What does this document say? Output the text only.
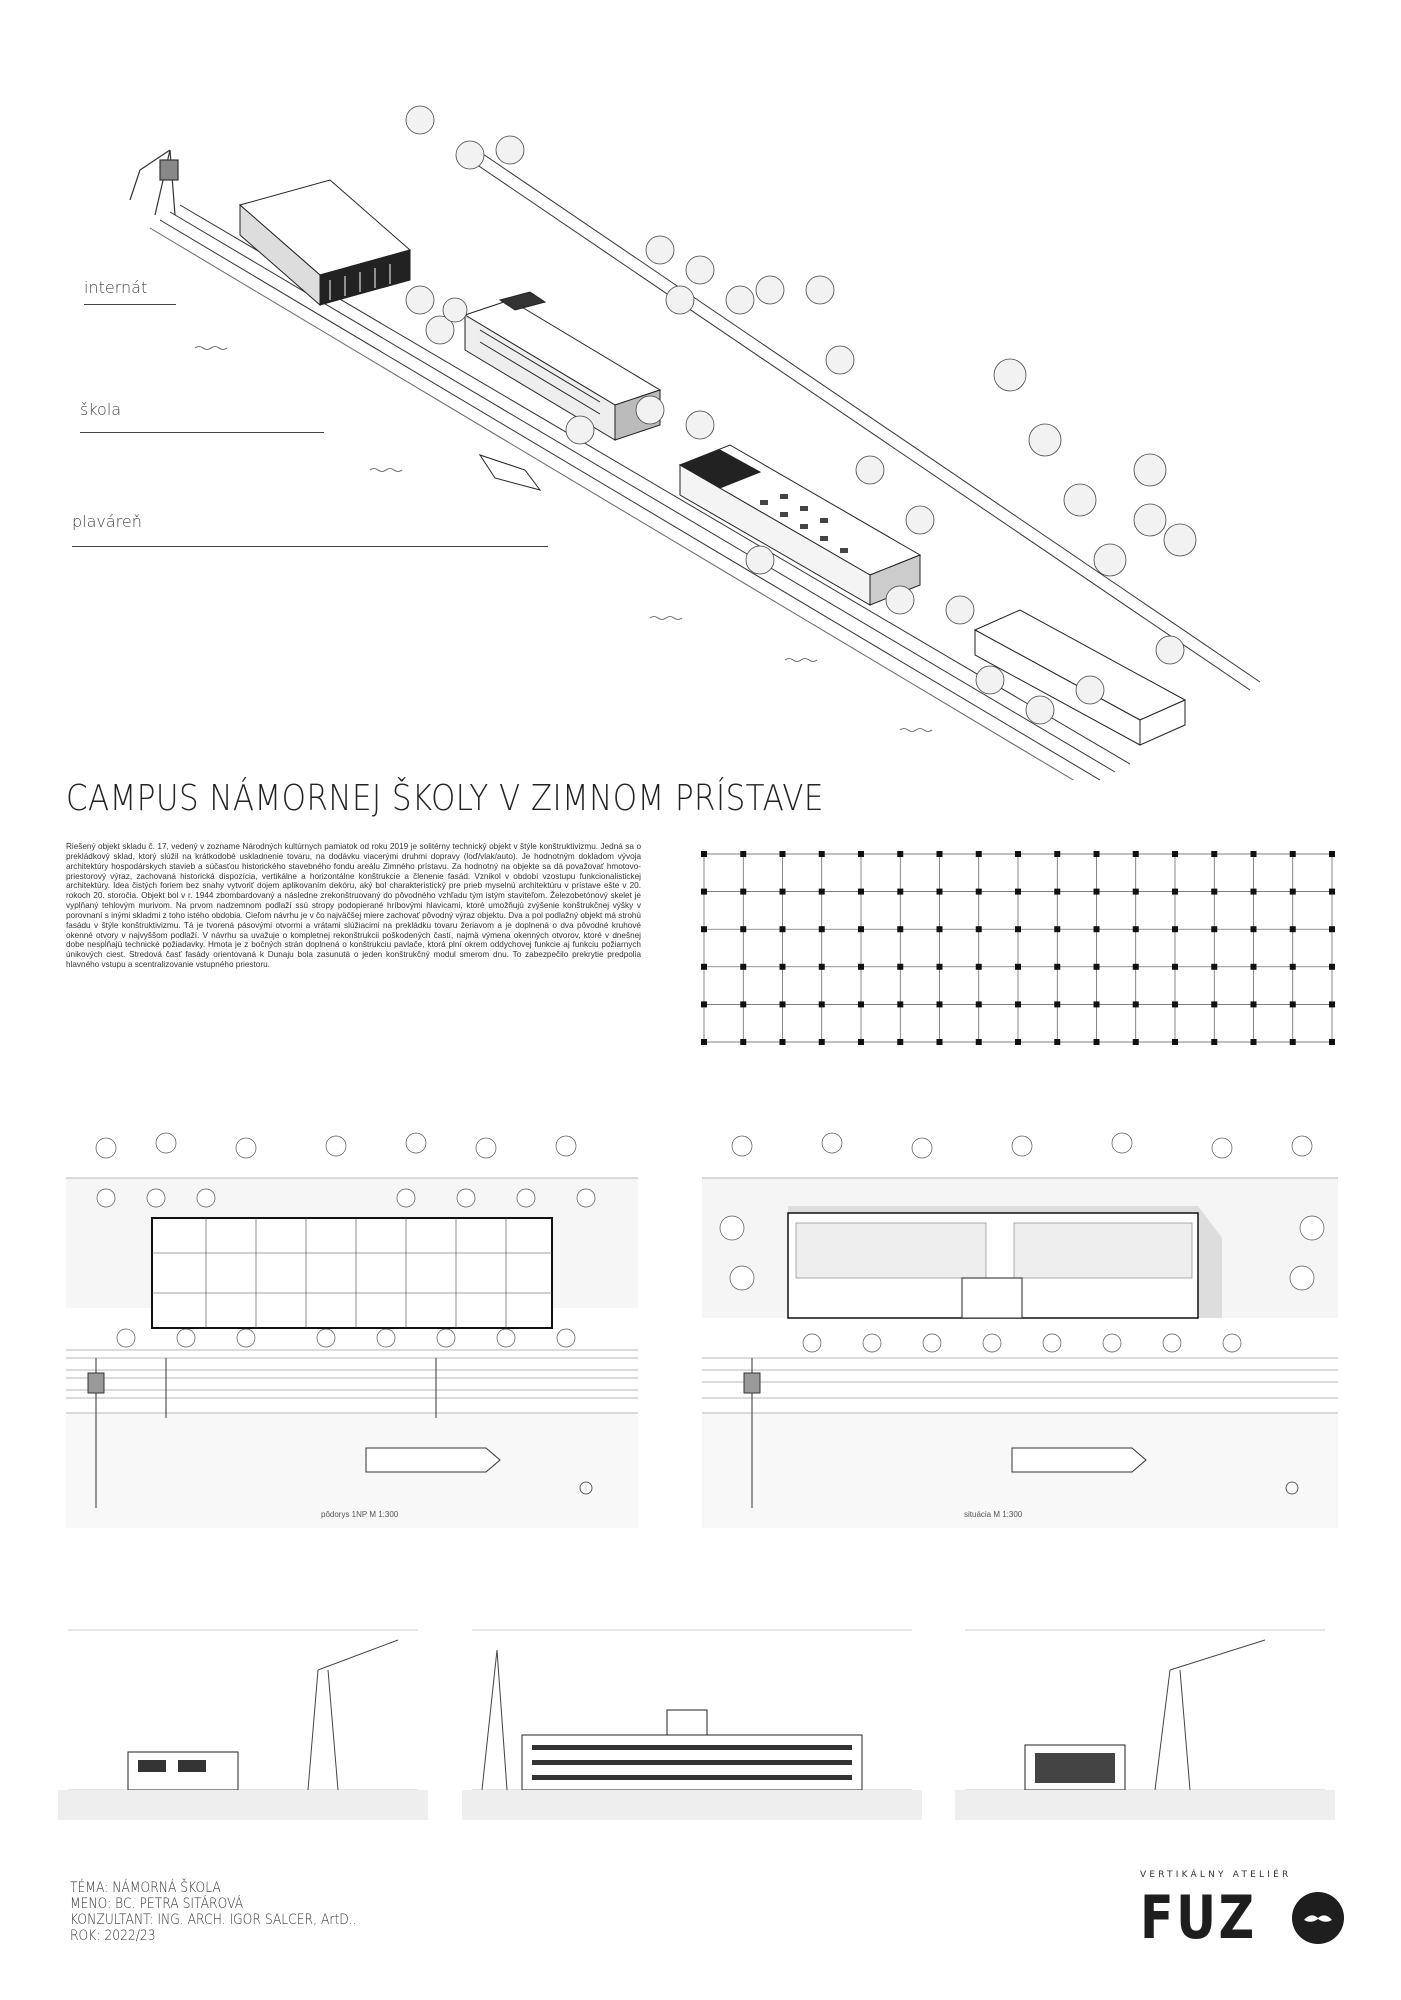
internát
škola
plaváreň
CAMPUS NÁMORNEJ ŠKOLY V ZIMNOM PRÍSTAVE
Riešený objekt skladu č. 17, vedený v zozname Národných kultúrnych pamiatok od roku 2019 je solitérny technický objekt v štýle konštruktivizmu. Jedná sa o prekládkový sklad, ktorý slúžil na krátkodobé uskladnenie tovaru, na dodávku viacerými druhmi dopravy (loď/vlak/auto). Je hodnotným dokladom vývoja architektúry hospodárskych stavieb a súčasťou historického stavebného fondu areálu Zimného prístavu. Za hodnotný na objekte sa dá považovať hmotovo-priestorový výraz, zachovaná historická dispozícia, vertikálne a horizontálne konštrukcie a členenie fasád. Vznikol v období vzostupu funkcionalistickej architektúry. Idea čistých foriem bez snahy vytvoriť dojem aplikovaním dekóru, aký bol charakteristický pre prieb myselnú architektúru v prístave ešte v 20. rokoch 20. storočia. Objekt bol v r. 1944 zbombardovaný a následne zrekonštruovaný do pôvodného vzhľadu tým istým staviteľom. Železobetónový skelet je vyplňaný tehlovým murivom. Na prvom nadzemnom podlaží ssú stropy podopierané hríbovými hlavicami, ktoré umožňujú zvýšenie konštrukčnej výšky v porovnaní s inými skladmi z toho istého obdobia. Cieľom návrhu je v čo najväčšej miere zachovať pôvodný výraz objektu. Dva a pol podlažný objekt má strohú fasádu v štýle konštruktivizmu. Tá je tvorená pásovými otvormi a vrátami slúžiacimi na prekládku tovaru žeriavom a je doplnená o dva pôvodné kruhové okenné otvory v najvyššom podlaží. V návrhu sa uvažuje o kompletnej rekonštrukcii poškodených častí, najmä výmena okenných otvorov, ktoré v dnešnej dobe nespĺňajú technické požiadavky. Hmota je z bočných strán doplnená o konštrukciu pavlače, ktorá plní okrem oddychovej funkcie aj funkciu požiarnych únikových ciest. Stredová časť fasády orientovaná k Dunaju bola zasunutá o jeden konštrukčný modul smerom dnu. To zabezpečilo prekrytie predpolia hlavného vstupu a scentralizovanie vstupného priestoru.
pôdorys 1NP M 1:300	situácia M 1:300
TÉMA: NÁMORNÁ ŠKOLA
MENO: BC. PETRA SITÁROVÁ
KONZULTANT: ING. ARCH. IGOR SALCER, ArtD..
ROK: 2022/23
VERTIKÁLNY ATELIÉR
FUZ
